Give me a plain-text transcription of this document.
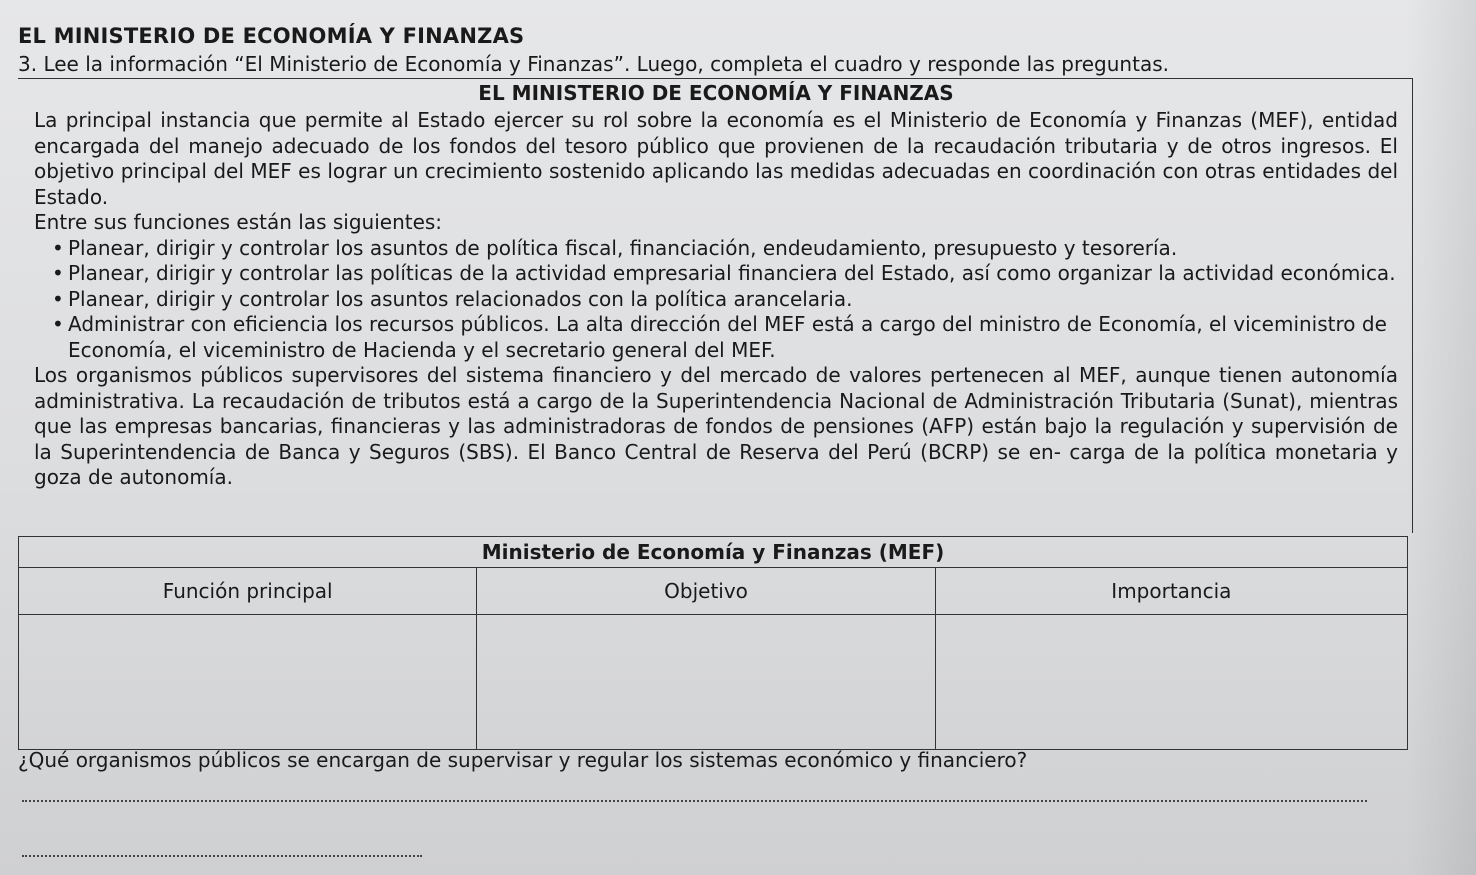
EL MINISTERIO DE ECONOMÍA Y FINANZAS
3. Lee la información “El Ministerio de Economía y Finanzas”. Luego, completa el cuadro y responde las preguntas.
EL MINISTERIO DE ECONOMÍA Y FINANZAS

La principal instancia que permite al Estado ejercer su rol sobre la economía es el Ministerio de Economía y Finanzas (MEF), entidad encargada del manejo adecuado de los fondos del tesoro público que provienen de la recaudación tributaria y de otros ingresos. El objetivo principal del MEF es lograr un crecimiento sostenido aplicando las medidas adecuadas en coordinación con otras entidades del Estado.

Entre sus funciones están las siguientes:

• Planear, dirigir y controlar los asuntos de política fiscal, financiación, endeudamiento, presupuesto y tesorería.
• Planear, dirigir y controlar las políticas de la actividad empresarial financiera del Estado, así como organizar la actividad económica.
• Planear, dirigir y controlar los asuntos relacionados con la política arancelaria.
• Administrar con eficiencia los recursos públicos. La alta dirección del MEF está a cargo del ministro de Economía, el viceministro de Economía, el viceministro de Hacienda y el secretario general del MEF.

Los organismos públicos supervisores del sistema financiero y del mercado de valores pertenecen al MEF, aunque tienen autonomía administrativa. La recaudación de tributos está a cargo de la Superintendencia Nacional de Administración Tributaria (Sunat), mientras que las empresas bancarias, financieras y las administradoras de fondos de pensiones (AFP) están bajo la regulación y supervisión de la Superintendencia de Banca y Seguros (SBS). El Banco Central de Reserva del Perú (BCRP) se en- carga de la política monetaria y goza de autonomía.

Ministerio de Economía y Finanzas (MEF)		
Función principal	Objetivo	Importancia

¿Qué organismos públicos se encargan de supervisar y regular los sistemas económico y financiero?
